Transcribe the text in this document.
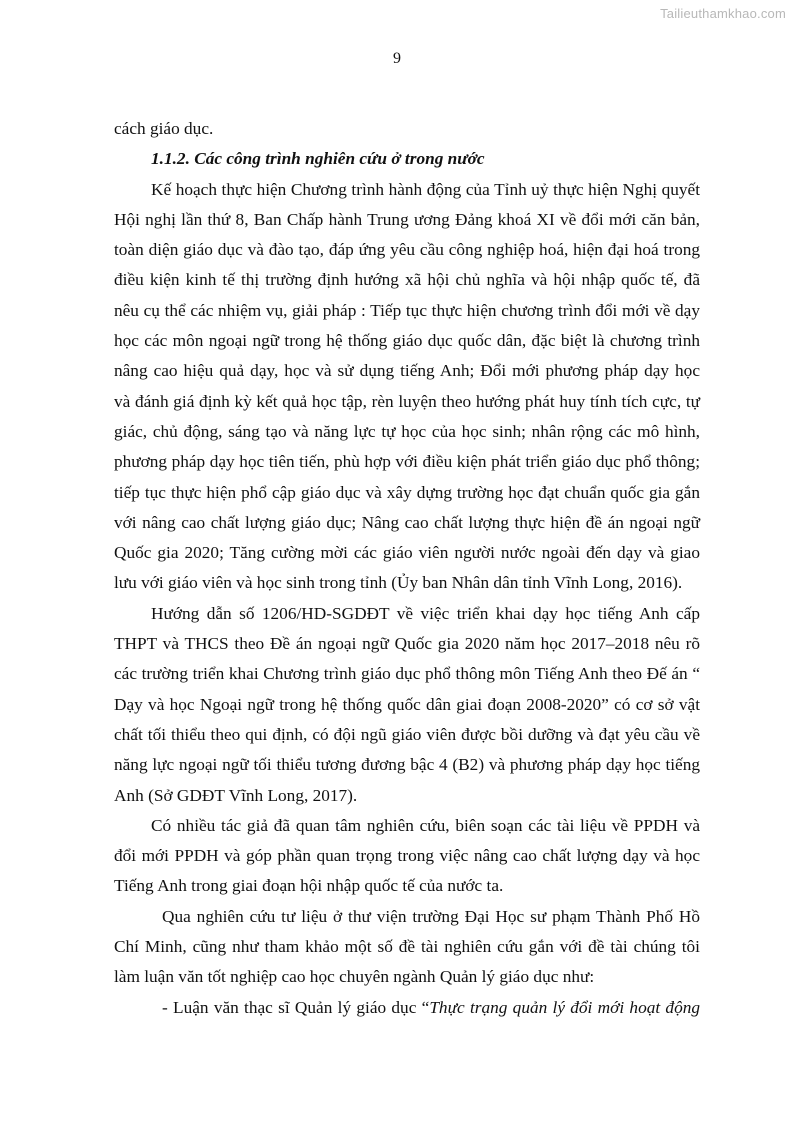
Tailieuthamkhao.com
9
cách giáo dục.
1.1.2. Các công trình nghiên cứu ở trong nước
Kế hoạch thực hiện Chương trình hành động của Tỉnh uỷ thực hiện Nghị quyết
Hội nghị lần thứ 8, Ban Chấp hành Trung ương Đảng khoá XI về đổi mới căn bản,
toàn diện giáo dục và đào tạo, đáp ứng yêu cầu công nghiệp hoá, hiện đại hoá trong
điều kiện kinh tế thị trường định hướng xã hội chủ nghĩa và hội nhập quốc tế, đã
nêu cụ thể các nhiệm vụ, giải pháp : Tiếp tục thực hiện chương trình đổi mới về dạy
học các môn ngoại ngữ trong hệ thống giáo dục quốc dân, đặc biệt là chương trình
nâng cao hiệu quả dạy, học và sử dụng tiếng Anh; Đổi mới phương pháp dạy học
và đánh giá định kỳ kết quả học tập, rèn luyện theo hướng phát huy tính tích cực, tự
giác, chủ động, sáng tạo và năng lực tự học của học sinh; nhân rộng các mô hình,
phương pháp dạy học tiên tiến, phù hợp với điều kiện phát triển giáo dục phổ thông;
tiếp tục thực hiện phổ cập giáo dục và xây dựng trường học đạt chuẩn quốc gia gắn
với nâng cao chất lượng giáo dục; Nâng cao chất lượng thực hiện đề án ngoại ngữ
Quốc gia 2020; Tăng cường mời các giáo viên người nước ngoài đến dạy và giao
lưu với giáo viên và học sinh trong tỉnh (Ủy ban Nhân dân tỉnh Vĩnh Long, 2016).
Hướng dẫn số 1206/HD-SGDĐT về việc triển khai dạy học tiếng Anh cấp
THPT và THCS theo Đề án ngoại ngữ Quốc gia 2020 năm học 2017–2018 nêu rõ
các trường triển khai Chương trình giáo dục phổ thông môn Tiếng Anh theo Đế án “
Dạy và học Ngoại ngữ trong hệ thống quốc dân giai đoạn 2008-2020” có cơ sở vật
chất tối thiểu theo qui định, có đội ngũ giáo viên được bồi dưỡng và đạt yêu cầu về
năng lực ngoại ngữ tối thiểu tương đương bậc 4 (B2) và phương pháp dạy học tiếng
Anh (Sở GDĐT Vĩnh Long, 2017).
Có nhiều tác giả đã quan tâm nghiên cứu, biên soạn các tài liệu về PPDH và
đổi mới PPDH và góp phần quan trọng trong việc nâng cao chất lượng dạy và học
Tiếng Anh trong giai đoạn hội nhập quốc tế của nước ta.
Qua nghiên cứu tư liệu ở thư viện trường Đại Học sư phạm Thành Phố Hồ
Chí Minh, cũng như tham khảo một số đề tài nghiên cứu gắn với đề tài chúng tôi
làm luận văn tốt nghiệp cao học chuyên ngành Quản lý giáo dục như:
- Luận văn thạc sĩ Quản lý giáo dục “Thực trạng quản lý đổi mới hoạt động
